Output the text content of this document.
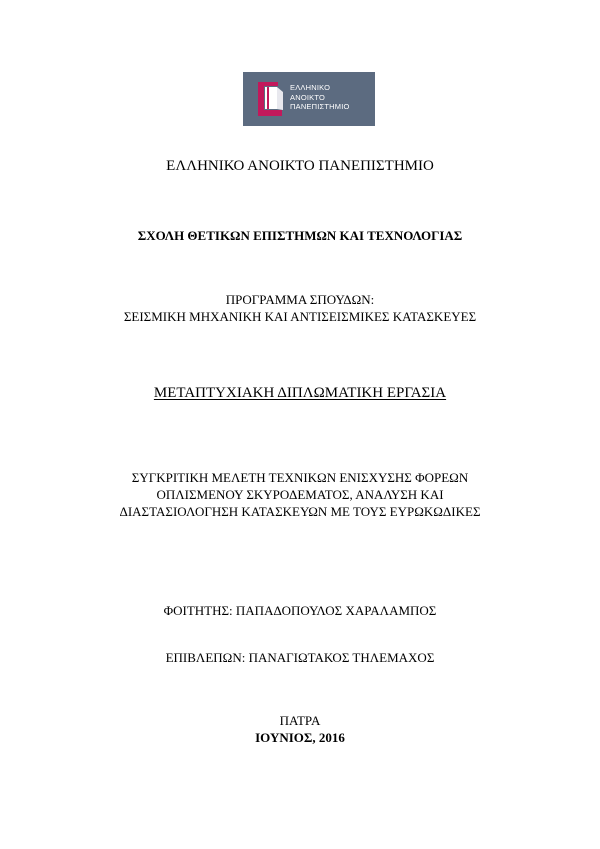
ΕΛΛΗΝΙΚΟ
ΑΝΟΙΚΤΟ
ΠΑΝΕΠΙΣΤΗΜΙΟ
ΕΛΛΗΝΙΚΟ ΑΝΟΙΚΤΟ ΠΑΝΕΠΙΣΤΗΜΙΟ
ΣΧΟΛΗ ΘΕΤΙΚΩΝ ΕΠΙΣΤΗΜΩΝ ΚΑΙ ΤΕΧΝΟΛΟΓΙΑΣ
ΠΡΟΓΡΑΜΜΑ ΣΠΟΥΔΩΝ:
ΣΕΙΣΜΙΚΗ ΜΗΧΑΝΙΚΗ ΚΑΙ ΑΝΤΙΣΕΙΣΜΙΚΕΣ ΚΑΤΑΣΚΕΥΕΣ
ΜΕΤΑΠΤΥΧΙΑΚΗ ΔΙΠΛΩΜΑΤΙΚΗ ΕΡΓΑΣΙΑ
ΣΥΓΚΡΙΤΙΚΗ ΜΕΛΕΤΗ ΤΕΧΝΙΚΩΝ ΕΝΙΣΧΥΣΗΣ ΦΟΡΕΩΝ
ΟΠΛΙΣΜΕΝΟΥ ΣΚΥΡΟΔΕΜΑΤΟΣ, ΑΝΑΛΥΣΗ ΚΑΙ
ΔΙΑΣΤΑΣΙΟΛΟΓΗΣΗ ΚΑΤΑΣΚΕΥΩΝ ΜΕ ΤΟΥΣ ΕΥΡΩΚΩΔΙΚΕΣ
ΦΟΙΤΗΤΗΣ: ΠΑΠΑΔΟΠΟΥΛΟΣ ΧΑΡΑΛΑΜΠΟΣ
ΕΠΙΒΛΕΠΩΝ: ΠΑΝΑΓΙΩΤΑΚΟΣ ΤΗΛΕΜΑΧΟΣ
ΠΑΤΡΑ
ΙΟΥΝΙΟΣ, 2016
